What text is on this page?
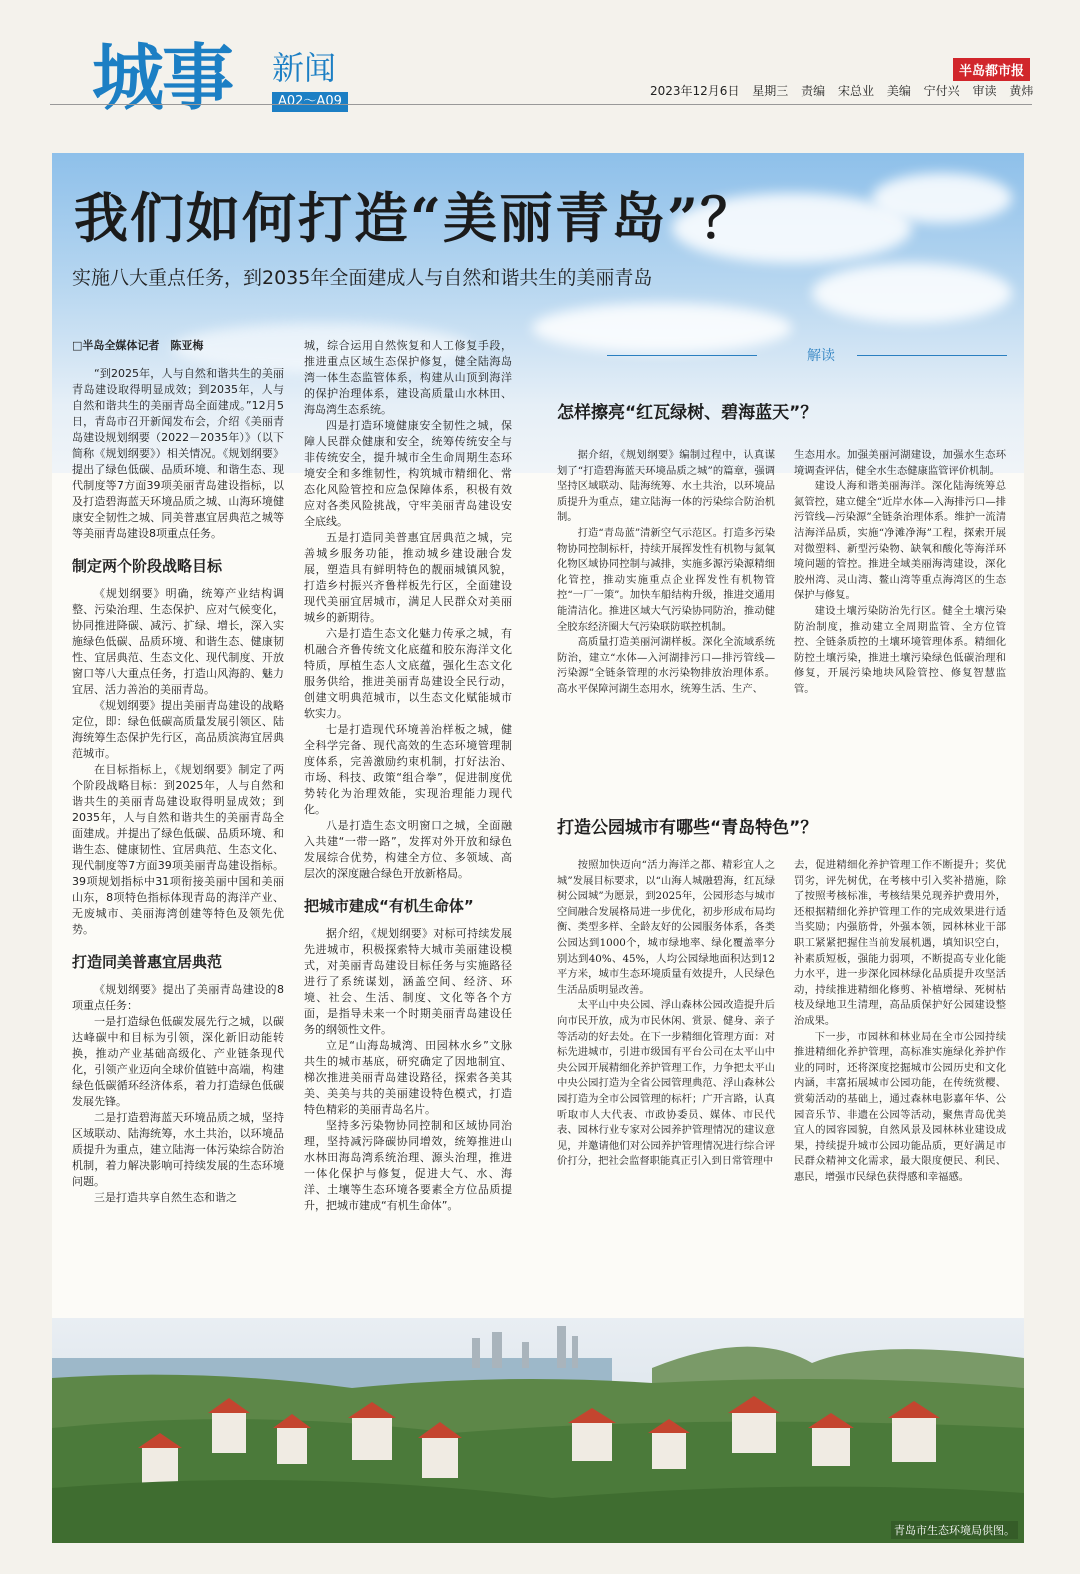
城事 新闻
A02～A09
半岛都市报
2023年12月6日 星期三 责编 宋总业 美编 宁付兴 审读 黄炜
我们如何打造“美丽青岛”？
实施八大重点任务，到2035年全面建成人与自然和谐共生的美丽青岛

□半岛全媒体记者　陈亚梅

“到2025年，人与自然和谐共生的美丽青岛建设取得明显成效；到2035年，人与自然和谐共生的美丽青岛全面建成。”12月5日，青岛市召开新闻发布会，介绍《美丽青岛建设规划纲要（2022－2035年）》（以下简称《规划纲要》）相关情况。《规划纲要》提出了绿色低碳、品质环境、和谐生态、现代制度等7方面39项美丽青岛建设指标，以及打造碧海蓝天环境品质之城、山海环境健康安全韧性之城、同美普惠宜居典范之城等等美丽青岛建设8项重点任务。

制定两个阶段战略目标

《规划纲要》明确，统筹产业结构调整、污染治理、生态保护、应对气候变化，协同推进降碳、减污、扩绿、增长，深入实施绿色低碳、品质环境、和谐生态、健康韧性、宜居典范、生态文化、现代制度、开放窗口等八大重点任务，打造山风海韵、魅力宜居、活力善治的美丽青岛。

《规划纲要》提出美丽青岛建设的战略定位，即：绿色低碳高质量发展引领区、陆海统筹生态保护先行区，高品质滨海宜居典范城市。

在目标指标上，《规划纲要》制定了两个阶段战略目标：到2025年，人与自然和谐共生的美丽青岛建设取得明显成效；到2035年，人与自然和谐共生的美丽青岛全面建成。并提出了绿色低碳、品质环境、和谐生态、健康韧性、宜居典范、生态文化、现代制度等7方面39项美丽青岛建设指标。39项规划指标中31项衔接美丽中国和美丽山东，8项特色指标体现青岛的海洋产业、无废城市、美丽海湾创建等特色及领先优势。

打造同美普惠宜居典范

《规划纲要》提出了美丽青岛建设的8项重点任务：

一是打造绿色低碳发展先行之城，以碳达峰碳中和目标为引领，深化新旧动能转换，推动产业基础高级化、产业链条现代化，引领产业迈向全球价值链中高端，构建绿色低碳循环经济体系，着力打造绿色低碳发展先锋。

二是打造碧海蓝天环境品质之城，坚持区域联动、陆海统筹，水土共治，以环境品质提升为重点，建立陆海一体污染综合防治机制，着力解决影响可持续发展的生态环境问题。

三是打造共享自然生态和谐之

城，综合运用自然恢复和人工修复手段，推进重点区域生态保护修复，健全陆海岛湾一体生态监管体系，构建从山顶到海洋的保护治理体系，建设高质量山水林田、海岛湾生态系统。

四是打造环境健康安全韧性之城，保障人民群众健康和安全，统筹传统安全与非传统安全，提升城市全生命周期生态环境安全和多维韧性，构筑城市精细化、常态化风险管控和应急保障体系，积极有效应对各类风险挑战，守牢美丽青岛建设安全底线。

五是打造同美普惠宜居典范之城，完善城乡服务功能，推动城乡建设融合发展，塑造具有鲜明特色的靓丽城镇风貌，打造乡村振兴齐鲁样板先行区，全面建设现代美丽宜居城市，满足人民群众对美丽城乡的新期待。

六是打造生态文化魅力传承之城，有机融合齐鲁传统文化底蕴和胶东海洋文化特质，厚植生态人文底蕴，强化生态文化服务供给，推进美丽青岛建设全民行动，创建文明典范城市，以生态文化赋能城市软实力。

七是打造现代环境善治样板之城，健全科学完备、现代高效的生态环境管理制度体系，完善激励约束机制，打好法治、市场、科技、政策“组合拳”，促进制度优势转化为治理效能，实现治理能力现代化。

八是打造生态文明窗口之城，全面融入共建“一带一路”，发挥对外开放和绿色发展综合优势，构建全方位、多领域、高层次的深度融合绿色开放新格局。

把城市建成“有机生命体”

据介绍，《规划纲要》对标可持续发展先进城市，积极探索特大城市美丽建设模式，对美丽青岛建设目标任务与实施路径进行了系统谋划，涵盖空间、经济、环境、社会、生活、制度、文化等各个方面，是指导未来一个时期美丽青岛建设任务的纲领性文件。

立足“山海岛城湾、田园林水乡”文脉共生的城市基底，研究确定了因地制宜、梯次推进美丽青岛建设路径，探索各美其美、美美与共的美丽建设特色模式，打造特色精彩的美丽青岛名片。

坚持多污染物协同控制和区域协同治理，坚持减污降碳协同增效，统筹推进山水林田海岛湾系统治理、源头治理，推进一体化保护与修复，促进大气、水、海洋、土壤等生态环境各要素全方位品质提升，把城市建成“有机生命体”。

解读
怎样擦亮“红瓦绿树、碧海蓝天”？

据介绍，《规划纲要》编制过程中，认真谋划了“打造碧海蓝天环境品质之城”的篇章，强调坚持区域联动、陆海统筹、水土共治，以环境品质提升为重点，建立陆海一体的污染综合防治机制。

打造“青岛蓝”清新空气示范区。打造多污染物协同控制标杆，持续开展挥发性有机物与氮氧化物区域协同控制与减排，实施多源污染源精细化管控，推动实施重点企业挥发性有机物管控“一厂一策”。加快车船结构升级，推进交通用能清洁化。推进区域大气污染协同防治，推动健全胶东经济圈大气污染联防联控机制。

高质量打造美丽河湖样板。深化全流域系统防治，建立“水体—入河湖排污口—排污管线—污染源”全链条管理的水污染物排放治理体系。高水平保障河湖生态用水，统筹生活、生产、

生态用水。加强美丽河湖建设，加强水生态环境调查评估，健全水生态健康监管评价机制。

建设人海和谐美丽海洋。深化陆海统筹总氮管控，建立健全“近岸水体—入海排污口—排污管线—污染源”全链条治理体系。维护一流清洁海洋品质，实施“净滩净海”工程，探索开展对微塑料、新型污染物、缺氧和酸化等海洋环境问题的管控。推进全域美丽海湾建设，深化胶州湾、灵山湾、鳌山湾等重点海湾区的生态保护与修复。

建设土壤污染防治先行区。健全土壤污染防治制度，推动建立全周期监管、全方位管控、全链条质控的土壤环境管理体系。精细化防控土壤污染，推进土壤污染绿色低碳治理和修复，开展污染地块风险管控、修复智慧监管。

打造公园城市有哪些“青岛特色”？

按照加快迈向“活力海洋之都、精彩宜人之城”发展目标要求，以“山海人城融碧海，红瓦绿树公园城”为愿景，到2025年，公园形态与城市空间融合发展格局进一步优化，初步形成布局均衡、类型多样、全龄友好的公园服务体系，各类公园达到1000个，城市绿地率、绿化覆盖率分别达到40%、45%，人均公园绿地面积达到12平方米，城市生态环境质量有效提升，人民绿色生活品质明显改善。

太平山中央公园、浮山森林公园改造提升后向市民开放，成为市民休闲、赏景、健身、亲子等活动的好去处。在下一步精细化管理方面：对标先进城市，引进市级国有平台公司在太平山中央公园开展精细化养护管理工作，力争把太平山中央公园打造为全省公园管理典范、浮山森林公园打造为全市公园管理的标杆；广开言路，认真听取市人大代表、市政协委员、媒体、市民代表、园林行业专家对公园养护管理情况的建议意见，并邀请他们对公园养护管理情况进行综合评价打分，把社会监督职能真正引入到日常管理中

去，促进精细化养护管理工作不断提升；奖优罚劣，评先树优，在考核中引入奖补措施，除了按照考核标准，考核结果兑现养护费用外，还根据精细化养护管理工作的完成效果进行适当奖励；内强筋骨，外强本领，园林林业干部职工紧紧把握住当前发展机遇，填知识空白，补素质短板，强能力弱项，不断提高专业化能力水平，进一步深化园林绿化品质提升攻坚活动，持续推进精细化修剪、补植增绿、死树枯枝及绿地卫生清理，高品质保护好公园建设整治成果。

下一步，市园林和林业局在全市公园持续推进精细化养护管理，高标准实施绿化养护作业的同时，还将深度挖掘城市公园历史和文化内涵，丰富拓展城市公园功能，在传统赏樱、赏菊活动的基础上，通过森林电影嘉年华、公园音乐节、非遗在公园等活动，聚焦青岛优美宜人的园容园貌，自然风景及园林林业建设成果，持续提升城市公园功能品质，更好满足市民群众精神文化需求，最大限度便民、利民、惠民，增强市民绿色获得感和幸福感。

青岛市生态环境局供图。
